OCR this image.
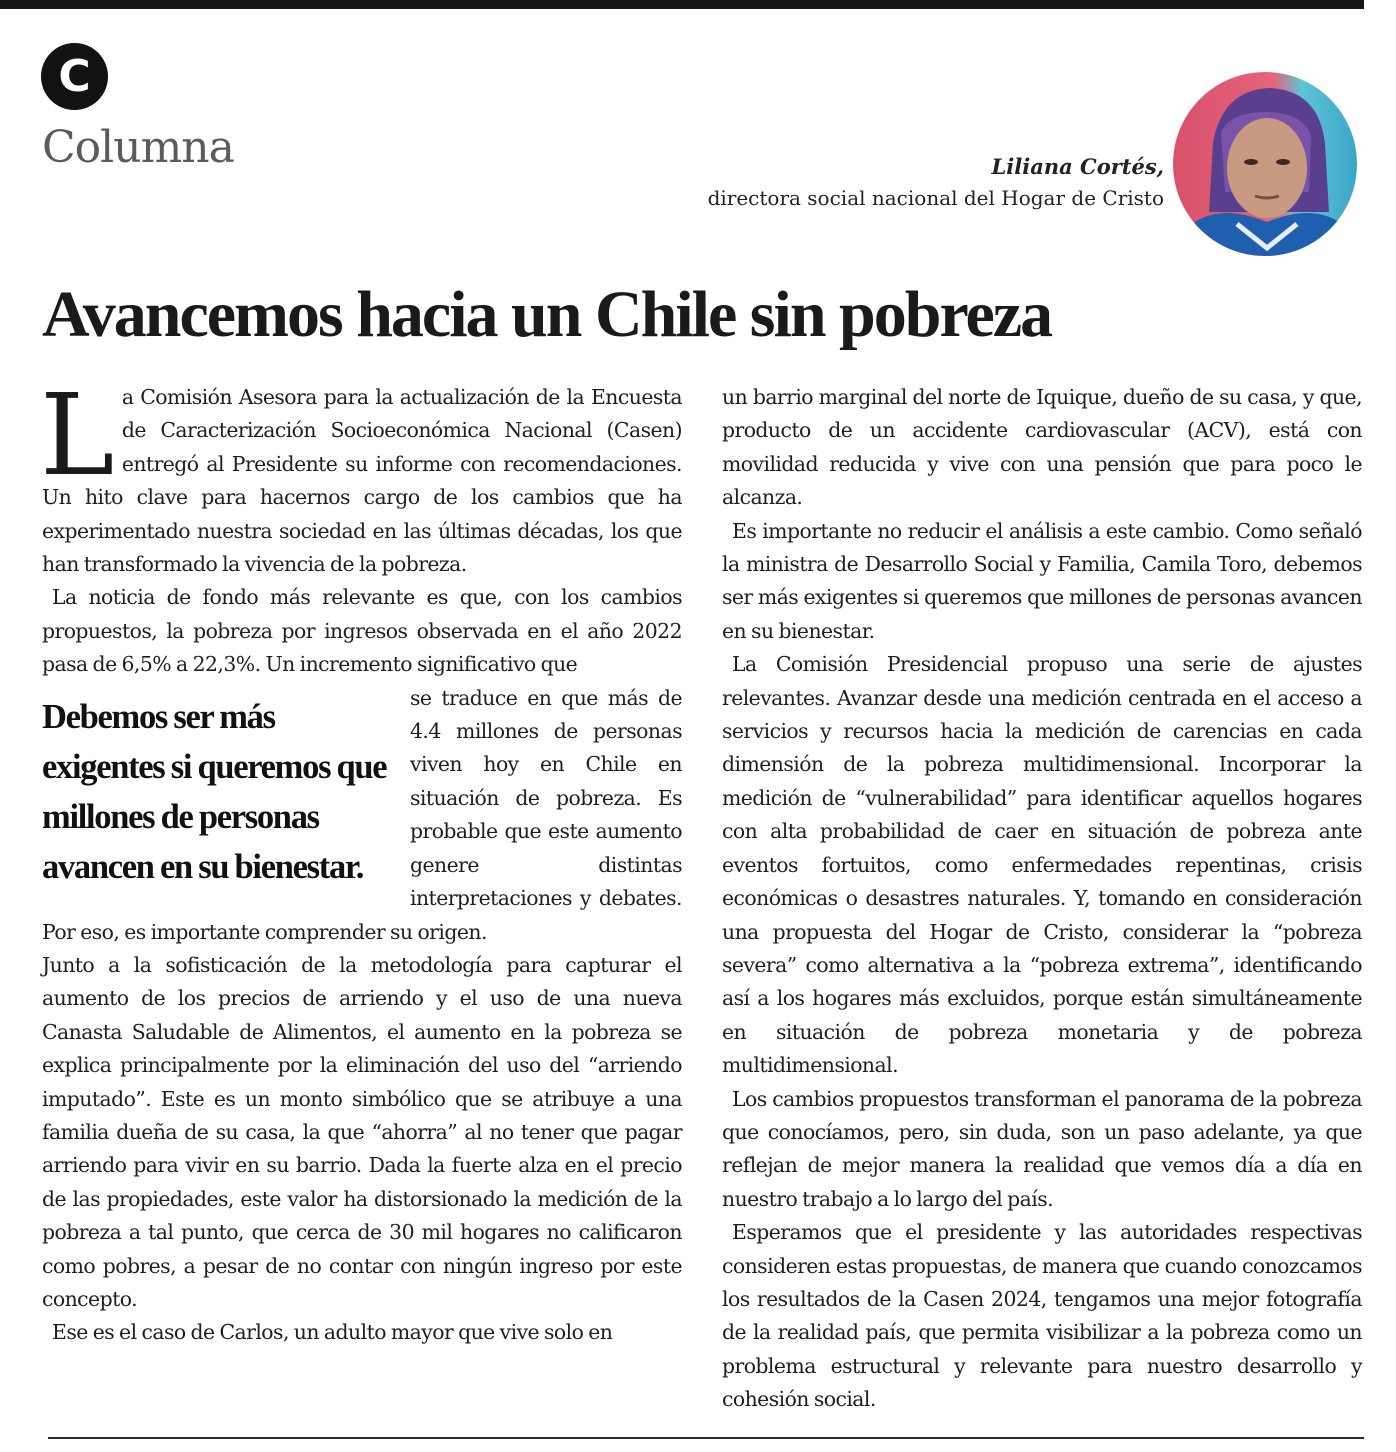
C
Columna	Liliana Cortés,
directora social nacional del Hogar de Cristo
Avancemos hacia un Chile sin pobreza

La Comisión Asesora para la actualización de la Encuesta de Caracterización Socioeconómica Nacional (Casen) entregó al Presidente su informe con recomendaciones. Un hito clave para hacernos cargo de los cambios que ha experimentado nuestra sociedad en las últimas décadas, los que han transformado la vivencia de la pobreza.

La noticia de fondo más relevante es que, con los cambios propuestos, la pobreza por ingresos observada en el año 2022 pasa de 6,5% a 22,3%. Un incremento significativo que

Debemos ser más exigentes si queremos que millones de personas avancen en su bienestar.
se traduce en que más de 4.4 millones de personas viven hoy en Chile en situación de pobreza. Es probable que este aumento genere distintas interpretaciones y debates. Por eso, es importante comprender su origen.

Junto a la sofisticación de la metodología para capturar el aumento de los precios de arriendo y el uso de una nueva Canasta Saludable de Alimentos, el aumento en la pobreza se explica principalmente por la eliminación del uso del “arriendo imputado”. Este es un monto simbólico que se atribuye a una familia dueña de su casa, la que “ahorra” al no tener que pagar arriendo para vivir en su barrio. Dada la fuerte alza en el precio de las propiedades, este valor ha distorsionado la medición de la pobreza a tal punto, que cerca de 30 mil hogares no calificaron como pobres, a pesar de no contar con ningún ingreso por este concepto.

Ese es el caso de Carlos, un adulto mayor que vive solo en

un barrio marginal del norte de Iquique, dueño de su casa, y que, producto de un accidente cardiovascular (ACV), está con movilidad reducida y vive con una pensión que para poco le alcanza.

Es importante no reducir el análisis a este cambio. Como señaló la ministra de Desarrollo Social y Familia, Camila Toro, debemos ser más exigentes si queremos que millones de personas avancen en su bienestar.

La Comisión Presidencial propuso una serie de ajustes relevantes. Avanzar desde una medición centrada en el acceso a servicios y recursos hacia la medición de carencias en cada dimensión de la pobreza multidimensional. Incorporar la medición de “vulnerabilidad” para identificar aquellos hogares con alta probabilidad de caer en situación de pobreza ante eventos fortuitos, como enfermedades repentinas, crisis económicas o desastres naturales. Y, tomando en consideración una propuesta del Hogar de Cristo, considerar la “pobreza severa” como alternativa a la “pobreza extrema”, identificando así a los hogares más excluidos, porque están simultáneamente en situación de pobreza monetaria y de pobreza multidimensional.

Los cambios propuestos transforman el panorama de la pobreza que conocíamos, pero, sin duda, son un paso adelante, ya que reflejan de mejor manera la realidad que vemos día a día en nuestro trabajo a lo largo del país.

Esperamos que el presidente y las autoridades respectivas consideren estas propuestas, de manera que cuando conozcamos los resultados de la Casen 2024, tengamos una mejor fotografía de la realidad país, que permita visibilizar a la pobreza como un problema estructural y relevante para nuestro desarrollo y cohesión social.
